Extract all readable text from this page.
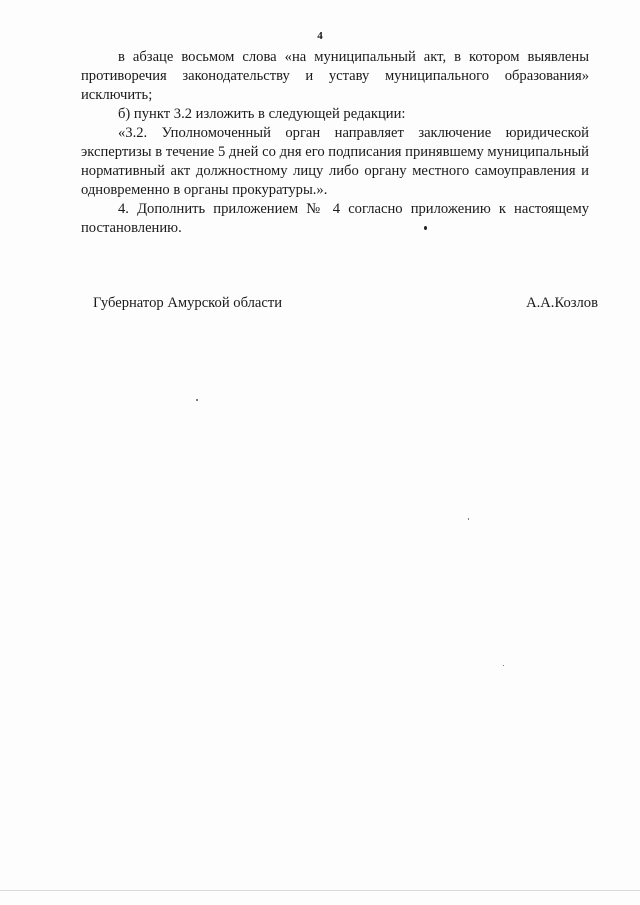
4

в абзаце восьмом слова «на муниципальный акт, в котором выявлены противоречия законодательству и уставу муниципального образования» исключить;

б) пункт 3.2 изложить в следующей редакции:

«3.2. Уполномоченный орган направляет заключение юридической экспертизы в течение 5 дней со дня его подписания принявшему муниципальный нормативный акт должностному лицу либо органу местного самоуправления и одновременно в органы прокуратуры.».

4. Дополнить приложением № 4 согласно приложению к настоящему постановлению.

Губернатор Амурской области	А.А.Козлов
